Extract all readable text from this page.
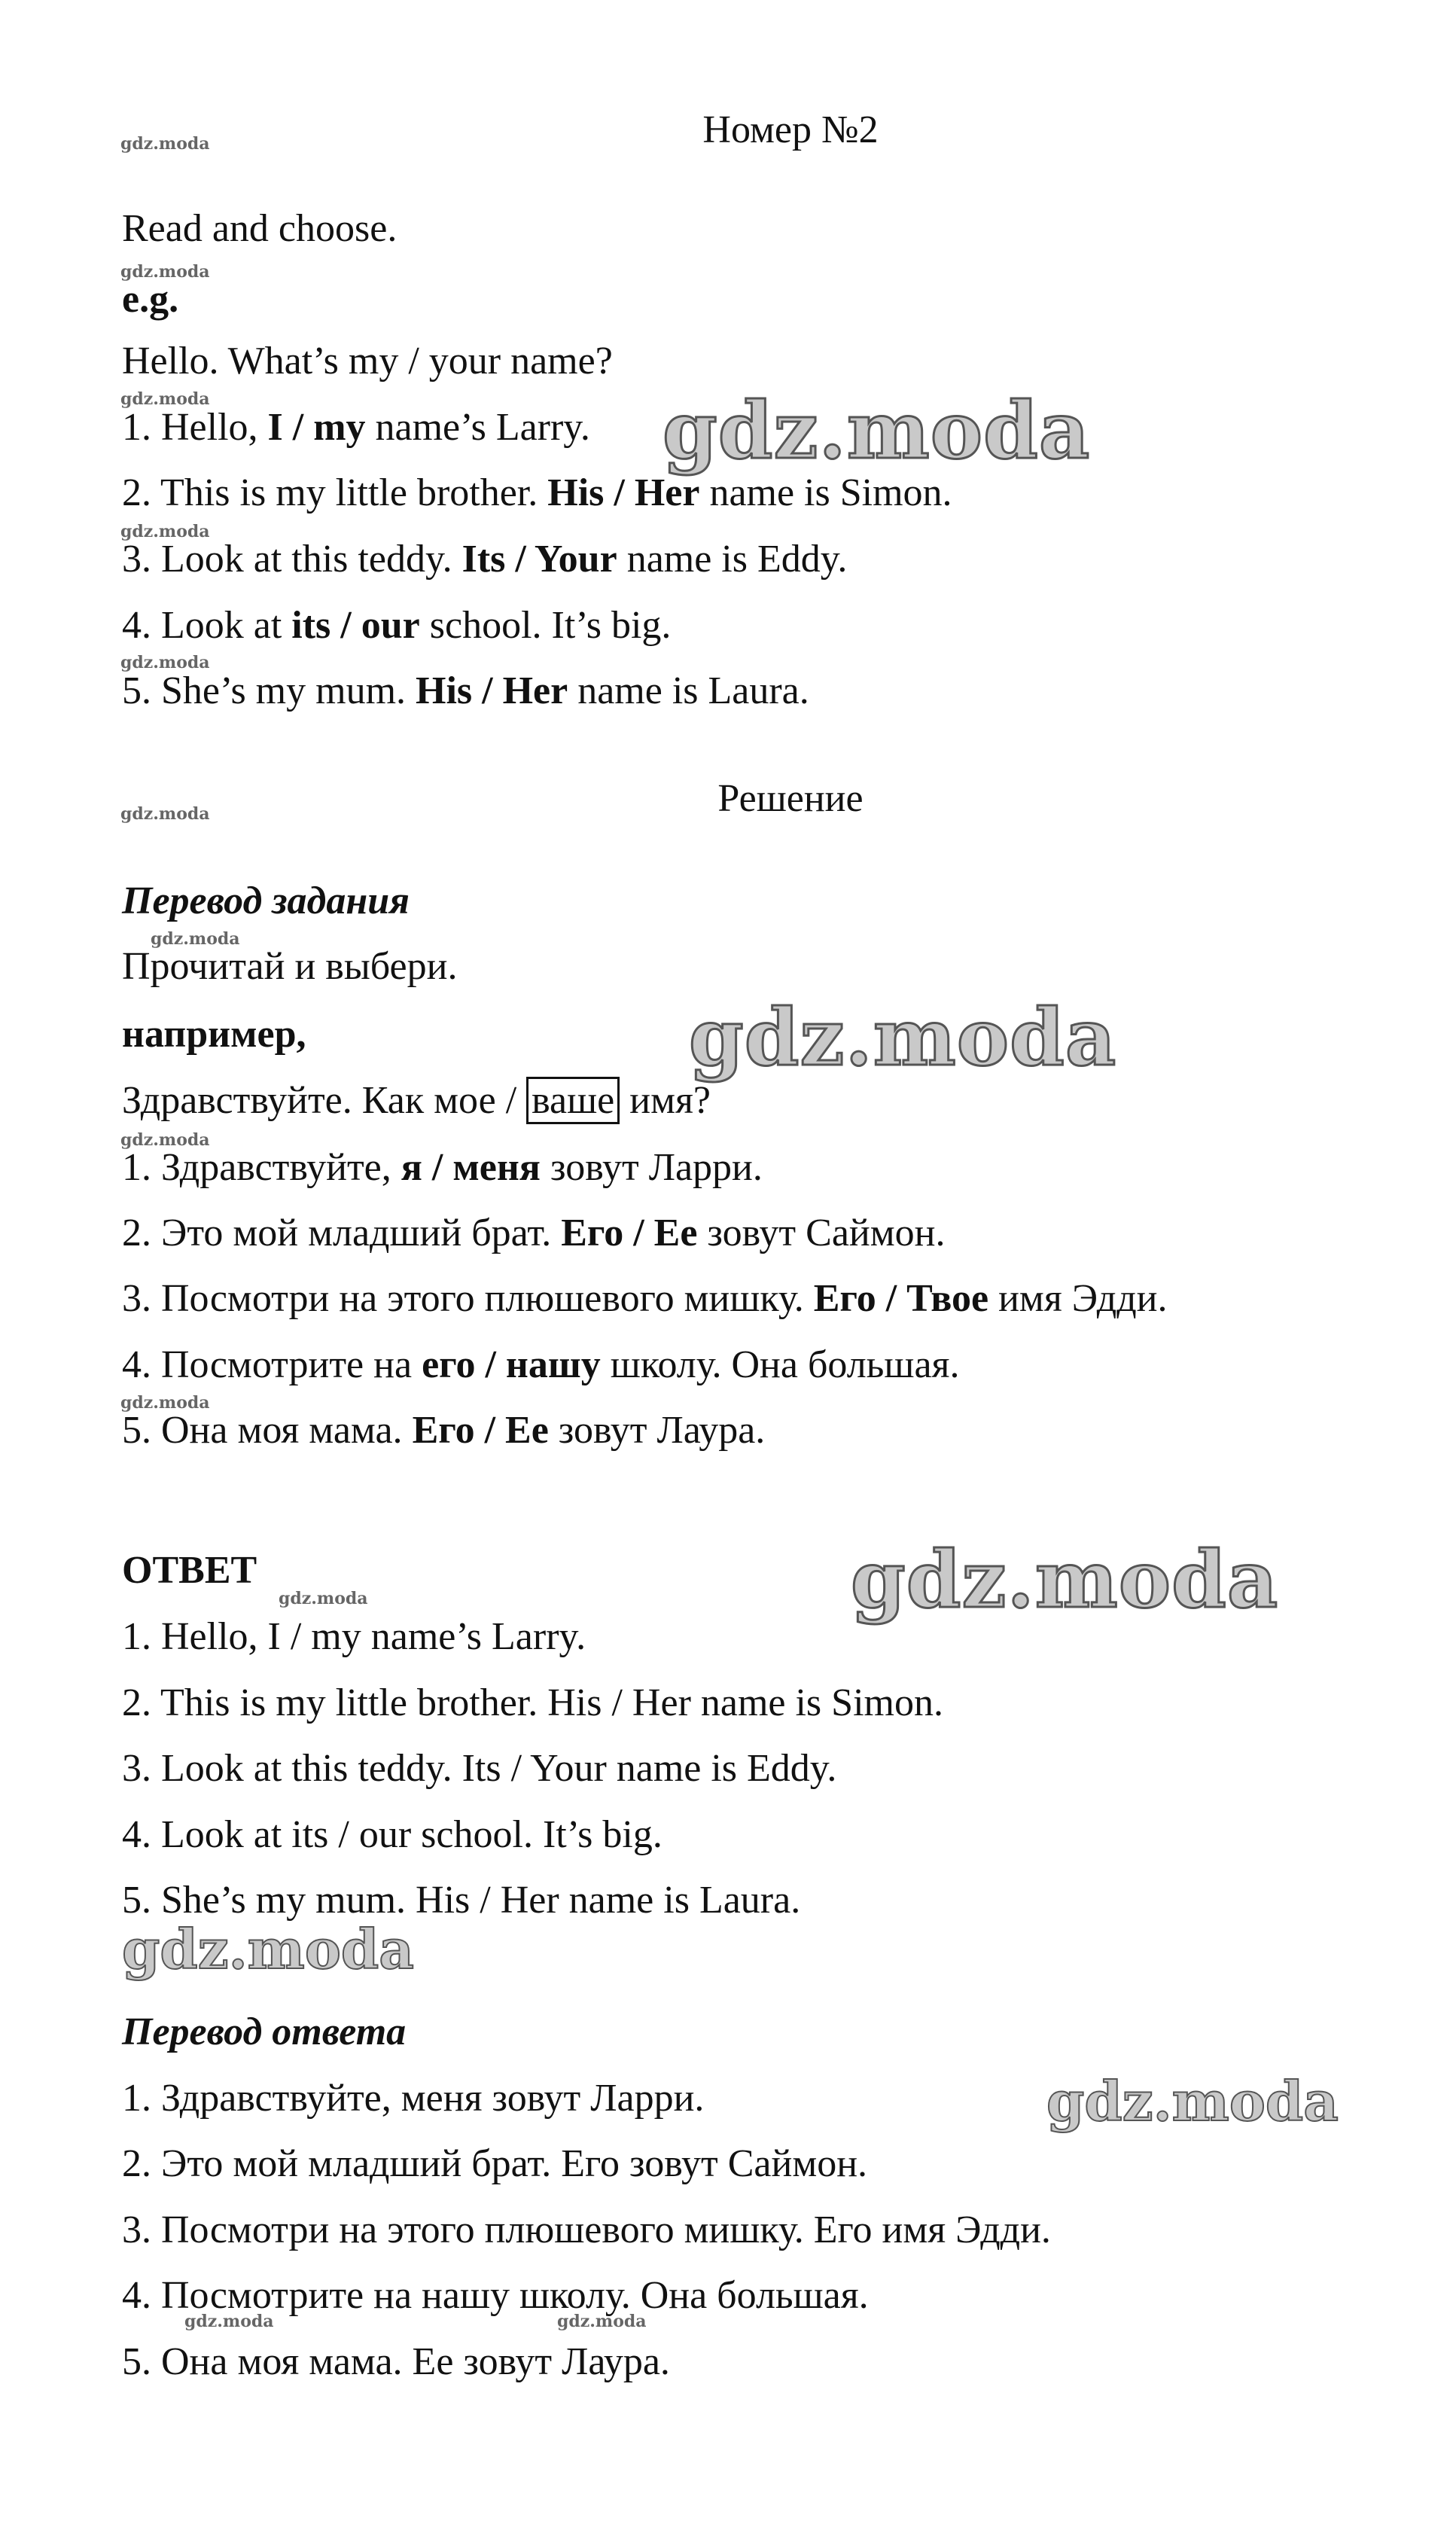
Номер №2

Read and choose.

e.g.

Hello. What’s my / your name?

1. Hello, I / my name’s Larry.

2. This is my little brother. His / Her name is Simon.

3. Look at this teddy. Its / Your name is Eddy.

4. Look at its / our school. It’s big.

5. She’s my mum. His / Her name is Laura.

Решение

Перевод задания

Прочитай и выбери.

например,

Здравствуйте. Как мое / ваше имя?

1. Здравствуйте, я / меня зовут Ларри.

2. Это мой младший брат. Его / Ее зовут Саймон.

3. Посмотри на этого плюшевого мишку. Его / Твое имя Эдди.

4. Посмотрите на его / нашу школу. Она большая.

5. Она моя мама. Его / Ее зовут Лаура.

ОТВЕТ

1. Hello, I / my name’s Larry.

2. This is my little brother. His / Her name is Simon.

3. Look at this teddy. Its / Your name is Eddy.

4. Look at its / our school. It’s big.

5. She’s my mum. His / Her name is Laura.

Перевод ответа

1. Здравствуйте, меня зовут Ларри.

2. Это мой младший брат. Его зовут Саймон.

3. Посмотри на этого плюшевого мишку. Его имя Эдди.

4. Посмотрите на нашу школу. Она большая.

5. Она моя мама. Ее зовут Лаура.

gdz.moda
gdz.moda
gdz.moda
gdz.moda
gdz.moda
gdz.moda
gdz.moda
gdz.moda
gdz.moda
gdz.moda
gdz.moda	gdz.moda
gdz.moda
gdz.moda
gdz.moda
gdz.moda
gdz.moda
